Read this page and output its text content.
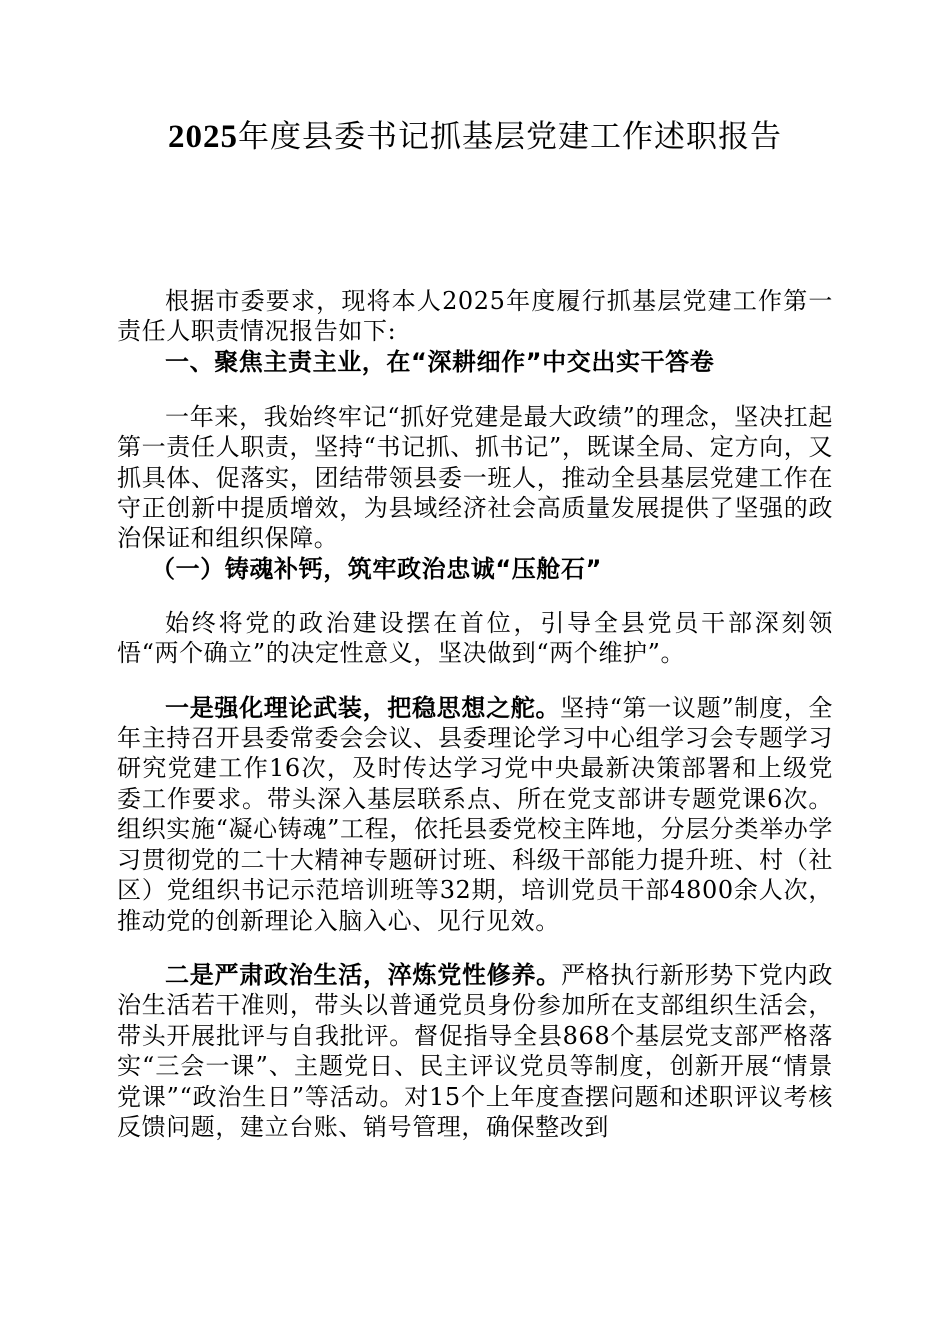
2025年度县委书记抓基层党建工作述职报告

根据市委要求，现将本人2025年度履行抓基层党建工作第一责任人职责情况报告如下:

一、聚焦主责主业，在“深耕细作”中交出实干答卷

一年来，我始终牢记“抓好党建是最大政绩”的理念，坚决扛起第一责任人职责，坚持“书记抓、抓书记”，既谋全局、定方向，又抓具体、促落实，团结带领县委一班人，推动全县基层党建工作在守正创新中提质增效，为县域经济社会高质量发展提供了坚强的政治保证和组织保障。

（一）铸魂补钙，筑牢政治忠诚“压舱石”

始终将党的政治建设摆在首位，引导全县党员干部深刻领悟“两个确立”的决定性意义，坚决做到“两个维护”。

一是强化理论武装，把稳思想之舵。坚持“第一议题”制度，全年主持召开县委常委会会议、县委理论学习中心组学习会专题学习研究党建工作16次，及时传达学习党中央最新决策部署和上级党委工作要求。带头深入基层联系点、所在党支部讲专题党课6次。组织实施“凝心铸魂”工程，依托县委党校主阵地，分层分类举办学习贯彻党的二十大精神专题研讨班、科级干部能力提升班、村（社区）党组织书记示范培训班等32期，培训党员干部4800余人次，推动党的创新理论入脑入心、见行见效。

二是严肃政治生活，淬炼党性修养。严格执行新形势下党内政治生活若干准则，带头以普通党员身份参加所在支部组织生活会，带头开展批评与自我批评。督促指导全县868个基层党支部严格落实“三会一课”、主题党日、民主评议党员等制度，创新开展“情景党课”“政治生日”等活动。对15个上年度查摆问题和述职评议考核反馈问题，建立台账、销号管理，确保整改到
